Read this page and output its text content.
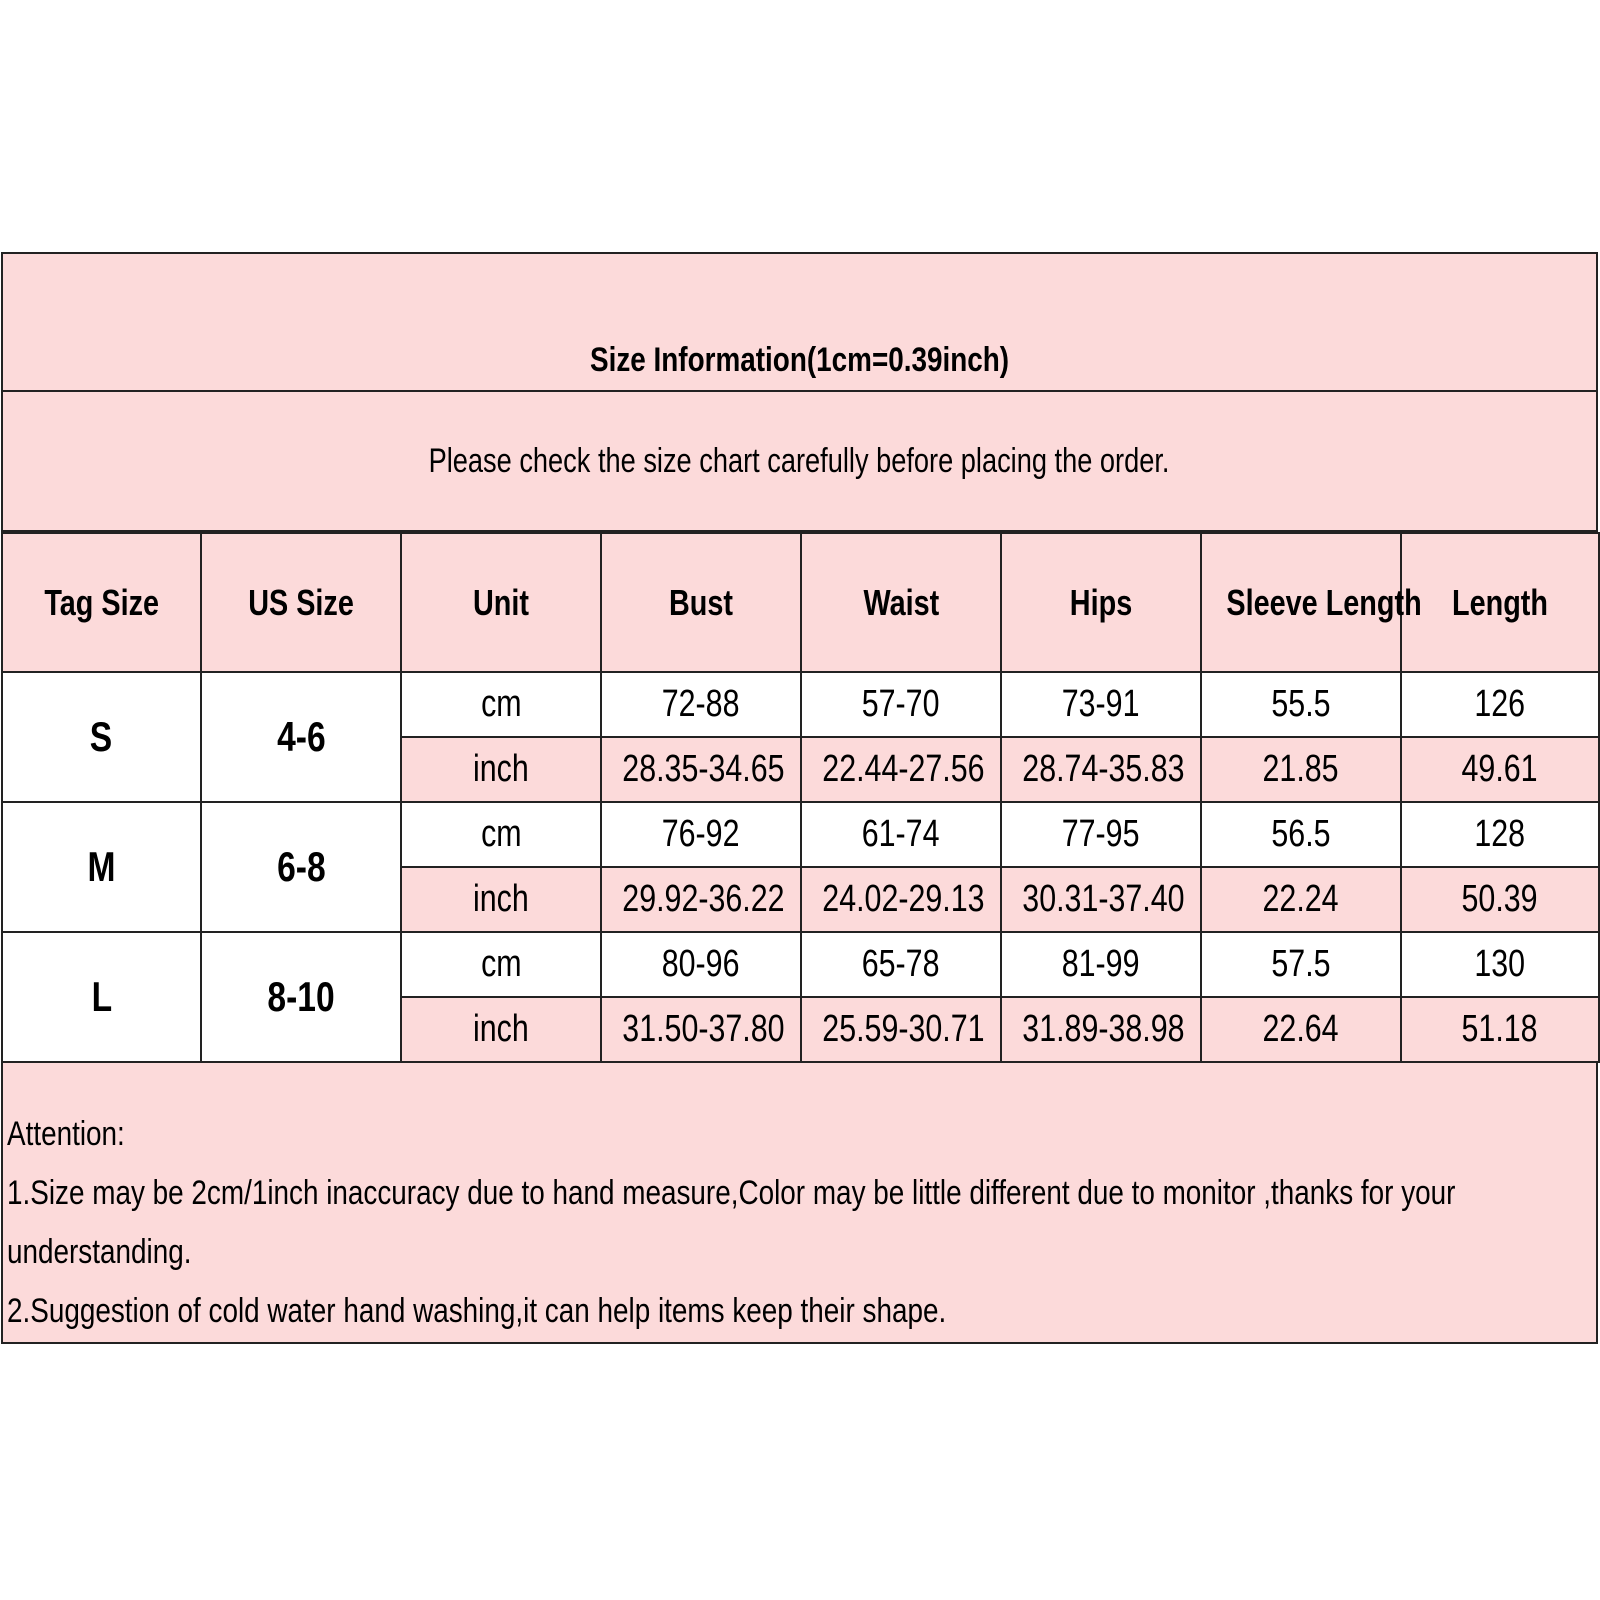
Size Information(1cm=0.39inch)
Please check the size chart carefully before placing the order.
Tag Size	US Size	Unit	Bust	Waist	Hips	Sleeve Length	Length
S	4-6	cm	72-88	57-70	73-91	55.5	126
		inch	28.35-34.65	22.44-27.56	28.74-35.83	21.85	49.61
M	6-8	cm	76-92	61-74	77-95	56.5	128
		inch	29.92-36.22	24.02-29.13	30.31-37.40	22.24	50.39
L	8-10	cm	80-96	65-78	81-99	57.5	130
		inch	31.50-37.80	25.59-30.71	31.89-38.98	22.64	51.18

Attention:

1.Size may be 2cm/1inch inaccuracy due to hand measure,Color may be little different due to monitor ,thanks for your

understanding.

2.Suggestion of cold water hand washing,it can help items keep their shape.
